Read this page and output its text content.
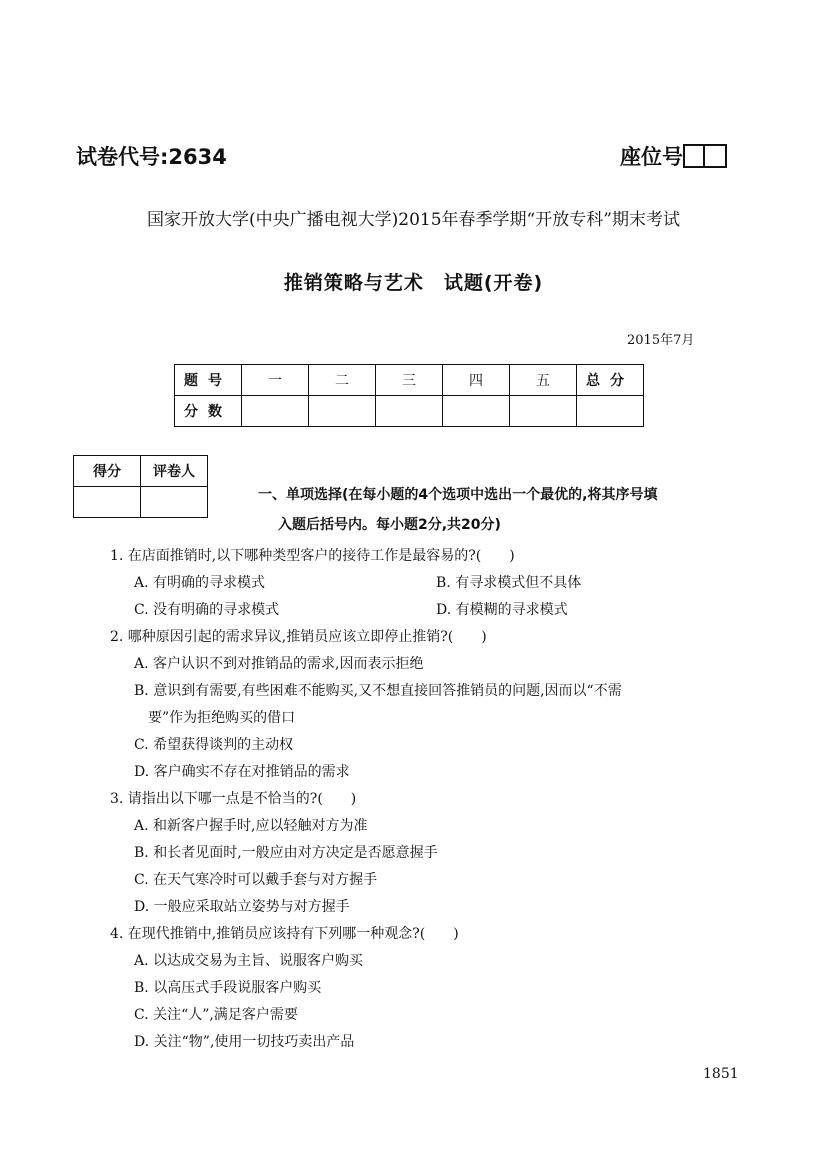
试卷代号:2634	座位号
国家开放大学(中央广播电视大学)2015年春季学期“开放专科”期末考试
推销策略与艺术　试题(开卷)
2015年7月
题号	一	二	三	四	五	总分
分数						
得分	评卷人

一、单项选择(在每小题的4个选项中选出一个最优的,将其序号填
入题后括号内。每小题2分,共20分)
1. 在店面推销时,以下哪种类型客户的接待工作是最容易的?(　　)
A. 有明确的寻求模式	B. 有寻求模式但不具体
C. 没有明确的寻求模式	D. 有模糊的寻求模式
2. 哪种原因引起的需求异议,推销员应该立即停止推销?(　　)
A. 客户认识不到对推销品的需求,因而表示拒绝
B. 意识到有需要,有些困难不能购买,又不想直接回答推销员的问题,因而以“不需
要”作为拒绝购买的借口
C. 希望获得谈判的主动权
D. 客户确实不存在对推销品的需求
3. 请指出以下哪一点是不恰当的?(　　)
A. 和新客户握手时,应以轻触对方为准
B. 和长者见面时,一般应由对方决定是否愿意握手
C. 在天气寒冷时可以戴手套与对方握手
D. 一般应采取站立姿势与对方握手
4. 在现代推销中,推销员应该持有下列哪一种观念?(　　)
A. 以达成交易为主旨、说服客户购买
B. 以高压式手段说服客户购买
C. 关注“人”,满足客户需要
D. 关注“物”,使用一切技巧卖出产品
1851
